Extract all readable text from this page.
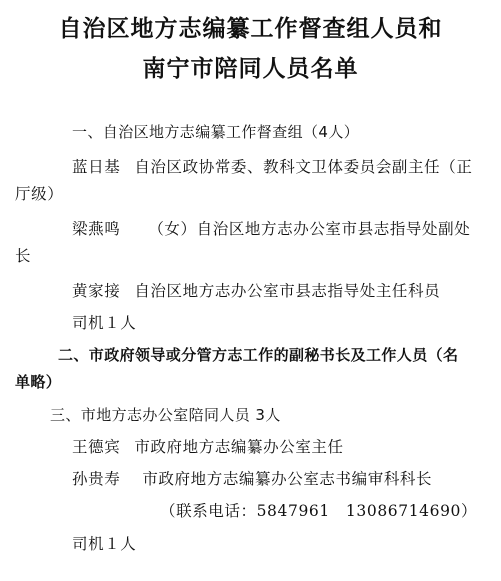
自治区地方志编纂工作督查组人员和
南宁市陪同人员名单
一、自治区地方志编纂工作督查组（4人）
蓝日基 自治区政协常委、教科文卫体委员会副主任（正
厅级）
梁燕鸣 （女）自治区地方志办公室市县志指导处副处
长
黄家接 自治区地方志办公室市县志指导处主任科员
司机１人
二、市政府领导或分管方志工作的副秘书长及工作人员（名
单略）
三、市地方志办公室陪同人员 3人
王德宾 市政府地方志编纂办公室主任
孙贵寿 市政府地方志编纂办公室志书编审科科长
（联系电话：5847961　13086714690）
司机１人
